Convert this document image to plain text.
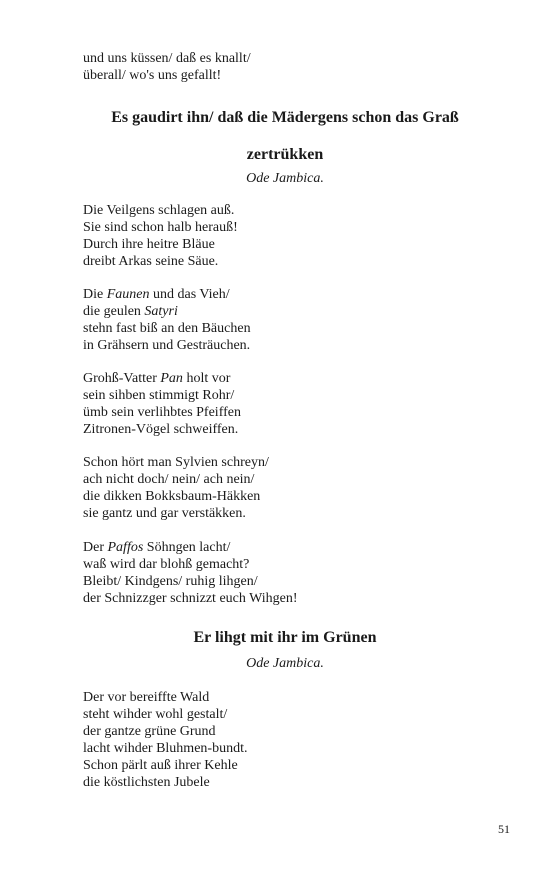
und uns küssen/ daß es knallt/
überall/ wo's uns gefallt!
Es gaudirt ihn/ daß die Mädergens schon das Graß
zertrükken
Ode Jambica.
Die Veilgens schlagen auß.
Sie sind schon halb herauß!
Durch ihre heitre Bläue
dreibt Arkas seine Säue.
Die Faunen und das Vieh/
die geulen Satyri
stehn fast biß an den Bäuchen
in Grähsern und Gesträuchen.
Grohß-Vatter Pan holt vor
sein sihben stimmigt Rohr/
ümb sein verlihbtes Pfeiffen
Zitronen-Vögel schweiffen.
Schon hört man Sylvien schreyn/
ach nicht doch/ nein/ ach nein/
die dikken Bokksbaum-Häkken
sie gantz und gar verstäkken.
Der Paffos Söhngen lacht/
waß wird dar blohß gemacht?
Bleibt/ Kindgens/ ruhig lihgen/
der Schnizzger schnizzt euch Wihgen!
Er lihgt mit ihr im Grünen
Ode Jambica.
Der vor bereiffte Wald
steht wihder wohl gestalt/
der gantze grüne Grund
lacht wihder Bluhmen-bundt.
Schon pärlt auß ihrer Kehle
die köstlichsten Jubele
51
